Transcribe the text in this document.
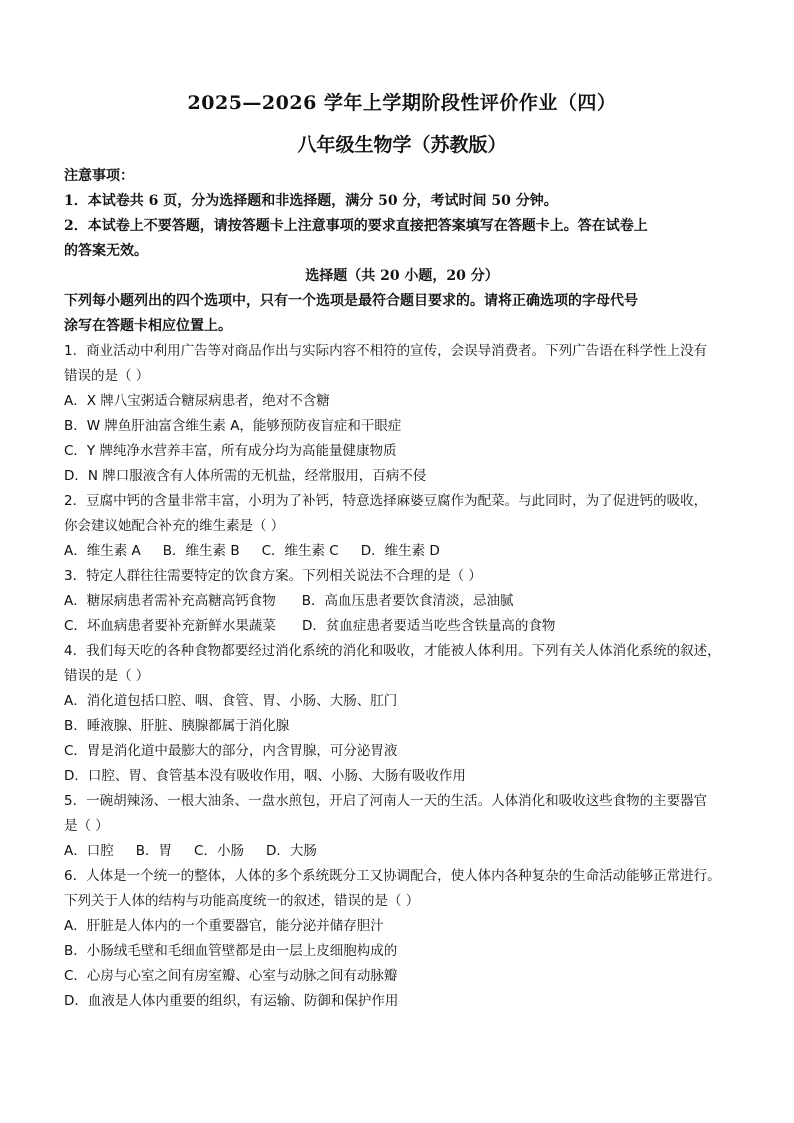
2025—2026 学年上学期阶段性评价作业（四）
八年级生物学（苏教版）
注意事项：
1．本试卷共 6 页，分为选择题和非选择题，满分 50 分，考试时间 50 分钟。
2．本试卷上不要答题，请按答题卡上注意事项的要求直接把答案填写在答题卡上。答在试卷上
的答案无效。
选择题（共 20 小题，20 分）
下列每小题列出的四个选项中，只有一个选项是最符合题目要求的。请将正确选项的字母代号
涂写在答题卡相应位置上。
1．商业活动中利用广告等对商品作出与实际内容不相符的宣传，会误导消费者。下列广告语在科学性上没有
错误的是（ ）
A．X 牌八宝粥适合糖尿病患者，绝对不含糖
B．W 牌鱼肝油富含维生素 A，能够预防夜盲症和干眼症
C．Y 牌纯净水营养丰富，所有成分均为高能量健康物质
D．N 牌口服液含有人体所需的无机盐，经常服用，百病不侵
2．豆腐中钙的含量非常丰富，小玥为了补钙，特意选择麻婆豆腐作为配菜。与此同时，为了促进钙的吸收，
你会建议她配合补充的维生素是（ ）
A．维生素 A B．维生素 B C．维生素 C D．维生素 D
3．特定人群往往需要特定的饮食方案。下列相关说法不合理的是（ ）
A．糖尿病患者需补充高糖高钙食物 B．高血压患者要饮食清淡，忌油腻
C．坏血病患者要补充新鲜水果蔬菜 D．贫血症患者要适当吃些含铁量高的食物
4．我们每天吃的各种食物都要经过消化系统的消化和吸收，才能被人体利用。下列有关人体消化系统的叙述，
错误的是（ ）
A．消化道包括口腔、咽、食管、胃、小肠、大肠、肛门
B．睡液腺、肝脏、胰腺都属于消化腺
C．胃是消化道中最膨大的部分，内含胃腺，可分泌胃液
D．口腔、胃、食管基本没有吸收作用，咽、小肠、大肠有吸收作用
5．一碗胡辣汤、一根大油条、一盘水煎包，开启了河南人一天的生活。人体消化和吸收这些食物的主要器官
是（ ）
A．口腔 B．胃 C．小肠 D．大肠
6．人体是一个统一的整体，人体的多个系统既分工又协调配合，使人体内各种复杂的生命活动能够正常进行。
下列关于人体的结构与功能高度统一的叙述，错误的是（ ）
A．肝脏是人体内的一个重要器官，能分泌并储存胆汁
B．小肠绒毛壁和毛细血管壁都是由一层上皮细胞构成的
C．心房与心室之间有房室瓣、心室与动脉之间有动脉瓣
D．血液是人体内重要的组织，有运输、防御和保护作用
